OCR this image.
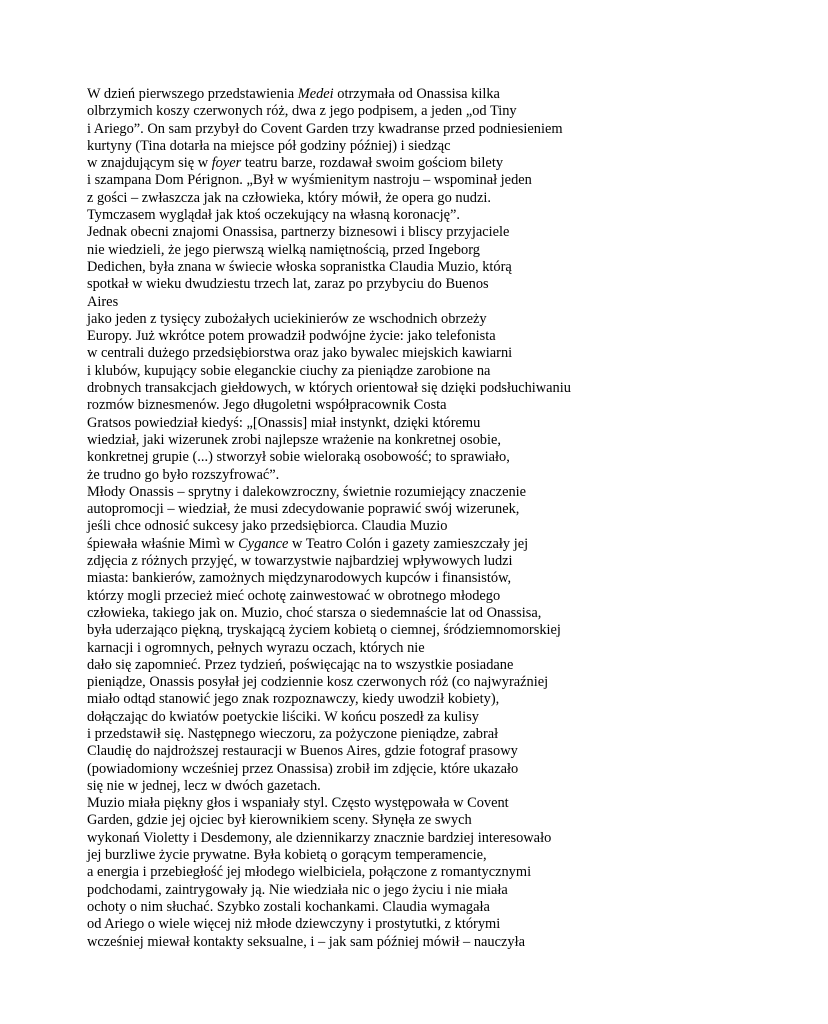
W dzień pierwszego przedstawienia Medei otrzymała od Onassisa kilka
olbrzymich koszy czerwonych róż, dwa z jego podpisem, a jeden „od Tiny
i Ariego”. On sam przybył do Covent Garden trzy kwadranse przed podniesieniem
kurtyny (Tina dotarła na miejsce pół godziny później) i siedząc
w znajdującym się w foyer teatru barze, rozdawał swoim gościom bilety
i szampana Dom Pérignon. „Był w wyśmienitym nastroju – wspominał jeden
z gości – zwłaszcza jak na człowieka, który mówił, że opera go nudzi.
Tymczasem wyglądał jak ktoś oczekujący na własną koronację”.
Jednak obecni znajomi Onassisa, partnerzy biznesowi i bliscy przyjaciele
nie wiedzieli, że jego pierwszą wielką namiętnością, przed Ingeborg
Dedichen, była znana w świecie włoska sopranistka Claudia Muzio, którą
spotkał w wieku dwudziestu trzech lat, zaraz po przybyciu do Buenos
Aires
jako jeden z tysięcy zubożałych uciekinierów ze wschodnich obrzeży
Europy. Już wkrótce potem prowadził podwójne życie: jako telefonista
w centrali dużego przedsiębiorstwa oraz jako bywalec miejskich kawiarni
i klubów, kupujący sobie eleganckie ciuchy za pieniądze zarobione na
drobnych transakcjach giełdowych, w których orientował się dzięki podsłuchiwaniu
rozmów biznesmenów. Jego długoletni współpracownik Costa
Gratsos powiedział kiedyś: „[Onassis] miał instynkt, dzięki któremu
wiedział, jaki wizerunek zrobi najlepsze wrażenie na konkretnej osobie,
konkretnej grupie (...) stworzył sobie wieloraką osobowość; to sprawiało,
że trudno go było rozszyfrować”.
Młody Onassis – sprytny i dalekowzroczny, świetnie rozumiejący znaczenie
autopromocji – wiedział, że musi zdecydowanie poprawić swój wizerunek,
jeśli chce odnosić sukcesy jako przedsiębiorca. Claudia Muzio
śpiewała właśnie Mimì w Cygance w Teatro Colón i gazety zamieszczały jej
zdjęcia z różnych przyjęć, w towarzystwie najbardziej wpływowych ludzi
miasta: bankierów, zamożnych międzynarodowych kupców i finansistów,
którzy mogli przecież mieć ochotę zainwestować w obrotnego młodego
człowieka, takiego jak on. Muzio, choć starsza o siedemnaście lat od Onassisa,
była uderzająco piękną, tryskającą życiem kobietą o ciemnej, śródziemnomorskiej
karnacji i ogromnych, pełnych wyrazu oczach, których nie
dało się zapomnieć. Przez tydzień, poświęcając na to wszystkie posiadane
pieniądze, Onassis posyłał jej codziennie kosz czerwonych róż (co najwyraźniej
miało odtąd stanowić jego znak rozpoznawczy, kiedy uwodził kobiety),
dołączając do kwiatów poetyckie liściki. W końcu poszedł za kulisy
i przedstawił się. Następnego wieczoru, za pożyczone pieniądze, zabrał
Claudię do najdroższej restauracji w Buenos Aires, gdzie fotograf prasowy
(powiadomiony wcześniej przez Onassisa) zrobił im zdjęcie, które ukazało
się nie w jednej, lecz w dwóch gazetach.
Muzio miała piękny głos i wspaniały styl. Często występowała w Covent
Garden, gdzie jej ojciec był kierownikiem sceny. Słynęła ze swych
wykonań Violetty i Desdemony, ale dziennikarzy znacznie bardziej interesowało
jej burzliwe życie prywatne. Była kobietą o gorącym temperamencie,
a energia i przebiegłość jej młodego wielbiciela, połączone z romantycznymi
podchodami, zaintrygowały ją. Nie wiedziała nic o jego życiu i nie miała
ochoty o nim słuchać. Szybko zostali kochankami. Claudia wymagała
od Ariego o wiele więcej niż młode dziewczyny i prostytutki, z którymi
wcześniej miewał kontakty seksualne, i – jak sam później mówił – nauczyła
